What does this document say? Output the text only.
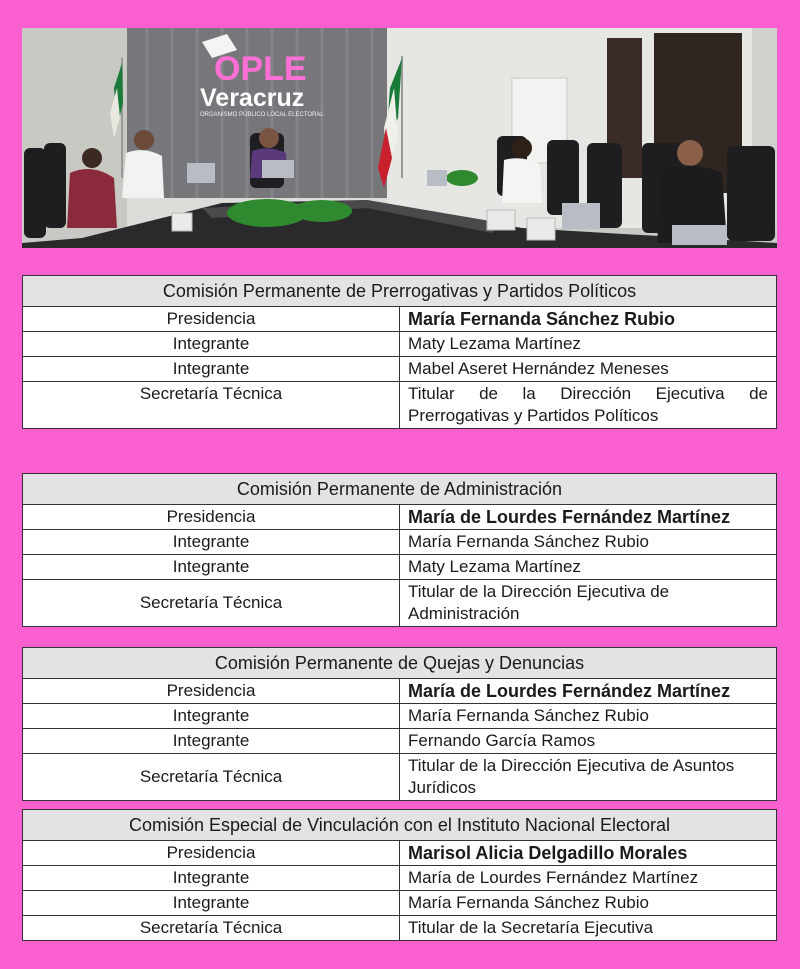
OPLE
Veracruz
ORGANISMO PÚBLICO LOCAL ELECTORAL
Comisión Permanente de Prerrogativas y Partidos Políticos	
Presidencia	María Fernanda Sánchez Rubio
Integrante	Maty Lezama Martínez
Integrante	Mabel Aseret Hernández Meneses
Secretaría Técnica	Titular de la Dirección Ejecutiva de Prerrogativas y Partidos Políticos
Comisión Permanente de Administración	
Presidencia	María de Lourdes Fernández Martínez
Integrante	María Fernanda Sánchez Rubio
Integrante	Maty Lezama Martínez
Secretaría Técnica	Titular de la Dirección Ejecutiva de Administración
Comisión Permanente de Quejas y Denuncias	
Presidencia	María de Lourdes Fernández Martínez
Integrante	María Fernanda Sánchez Rubio
Integrante	Fernando García Ramos
Secretaría Técnica	Titular de la Dirección Ejecutiva de Asuntos Jurídicos
Comisión Especial de Vinculación con el Instituto Nacional Electoral	
Presidencia	Marisol Alicia Delgadillo Morales
Integrante	María de Lourdes Fernández Martínez
Integrante	María Fernanda Sánchez Rubio
Secretaría Técnica	Titular de la Secretaría Ejecutiva
